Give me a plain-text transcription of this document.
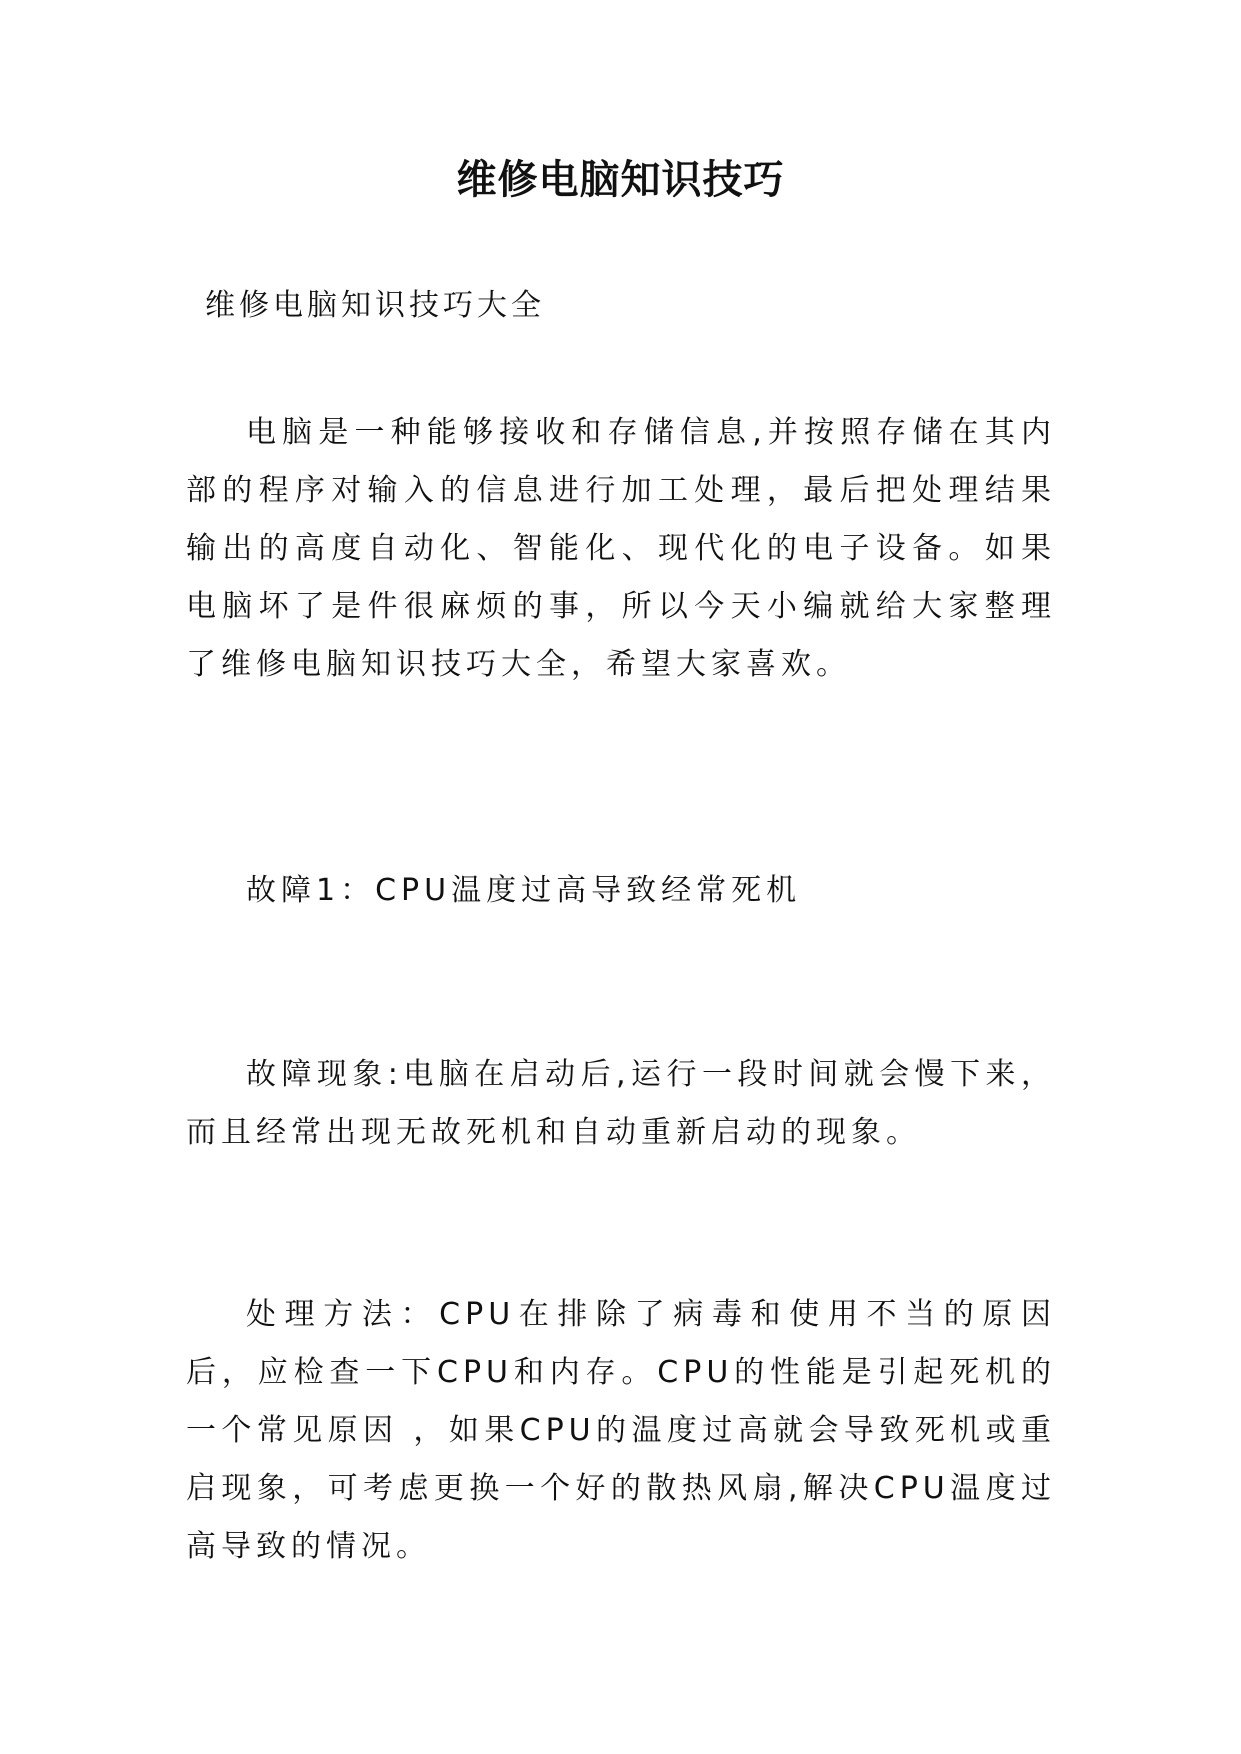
维修电脑知识技巧
维修电脑知识技巧大全

电脑是一种能够接收和存储信息,并按照存储在其内部的程序对输入的信息进行加工处理，最后把处理结果输出的高度自动化、智能化、现代化的电子设备。如果电脑坏了是件很麻烦的事，所以今天小编就给大家整理了维修电脑知识技巧大全，希望大家喜欢。

故障1：CPU温度过高导致经常死机

故障现象:电脑在启动后,运行一段时间就会慢下来，而且经常出现无故死机和自动重新启动的现象。

处理方法：CPU在排除了病毒和使用不当的原因后，应检查一下CPU和内存。CPU的性能是引起死机的一个常见原因 ，如果CPU的温度过高就会导致死机或重启现象，可考虑更换一个好的散热风扇,解决CPU温度过高导致的情况。
